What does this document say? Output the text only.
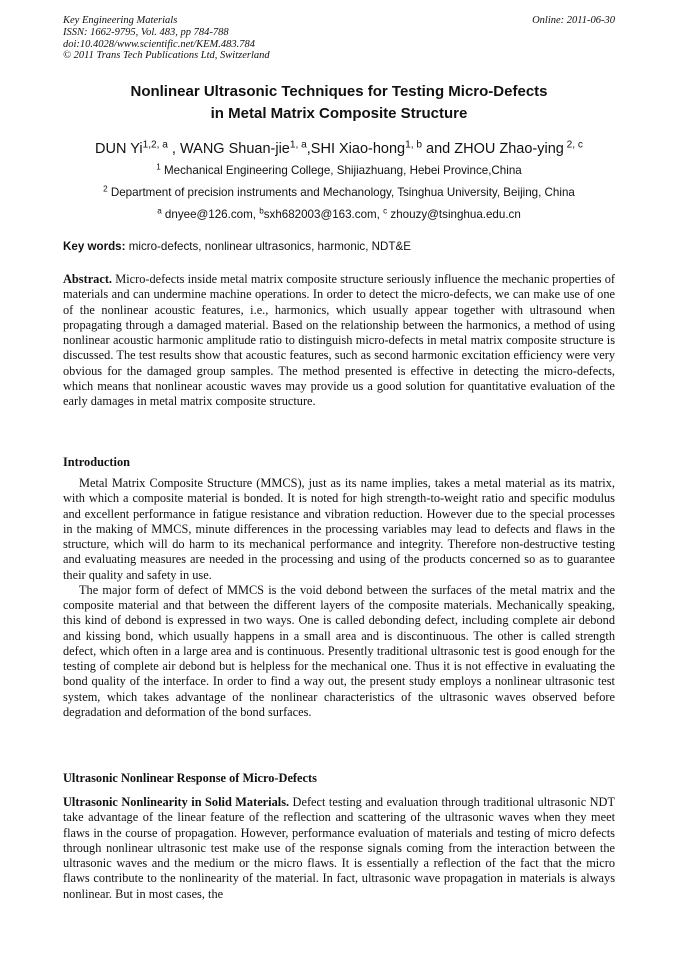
Key Engineering Materials
ISSN: 1662-9795, Vol. 483, pp 784-788
doi:10.4028/www.scientific.net/KEM.483.784
© 2011 Trans Tech Publications Ltd, Switzerland
Online: 2011-06-30
Nonlinear Ultrasonic Techniques for Testing Micro-Defects
in Metal Matrix Composite Structure
DUN Yi$^{1,2, a}$ , WANG Shuan-jie$^{1, a}$,SHI Xiao-hong$^{1, b}$ and ZHOU Zhao-ying $^{2, c}$
$^1$ Mechanical Engineering College, Shijiazhuang, Hebei Province,China
$^2$ Department of precision instruments and Mechanology, Tsinghua University, Beijing, China
$^a$ dnyee@126.com, $^b$sxh682003@163.com, $^c$ zhouzy@tsinghua.edu.cn
Key words: micro-defects, nonlinear ultrasonics, harmonic, NDT&E

Abstract. Micro-defects inside metal matrix composite structure seriously influence the mechanic properties of materials and can undermine machine operations. In order to detect the micro-defects, we can make use of one of the nonlinear acoustic features, i.e., harmonics, which usually appear together with ultrasound when propagating through a damaged material. Based on the relationship between the harmonics, a method of using nonlinear acoustic harmonic amplitude ratio to distinguish micro-defects in metal matrix composite structure is discussed. The test results show that acoustic features, such as second harmonic excitation efficiency were very obvious for the damaged group samples. The method presented is effective in detecting the micro-defects, which means that nonlinear acoustic waves may provide us a good solution for quantitative evaluation of the early damages in metal matrix composite structure.

Introduction

Metal Matrix Composite Structure (MMCS), just as its name implies, takes a metal material as its matrix, with which a composite material is bonded. It is noted for high strength-to-weight ratio and specific modulus and excellent performance in fatigue resistance and vibration reduction. However due to the special processes in the making of MMCS, minute differences in the processing variables may lead to defects and flaws in the structure, which will do harm to its mechanical performance and integrity. Therefore non-destructive testing and evaluating measures are needed in the processing and using of the products concerned so as to guarantee their quality and safety in use.

The major form of defect of MMCS is the void debond between the surfaces of the metal matrix and the composite material and that between the different layers of the composite materials. Mechanically speaking, this kind of debond is expressed in two ways. One is called debonding defect, including complete air debond and kissing bond, which usually happens in a small area and is discontinuous. The other is called strength defect, which often in a large area and is continuous. Presently traditional ultrasonic test is good enough for the testing of complete air debond but is helpless for the mechanical one. Thus it is not effective in evaluating the bond quality of the interface. In order to find a way out, the present study employs a nonlinear ultrasonic test system, which takes advantage of the nonlinear characteristics of the ultrasonic waves observed before degradation and deformation of the bond surfaces.

Ultrasonic Nonlinear Response of Micro-Defects

Ultrasonic Nonlinearity in Solid Materials. Defect testing and evaluation through traditional ultrasonic NDT take advantage of the linear feature of the reflection and scattering of the ultrasonic waves when they meet flaws in the course of propagation. However, performance evaluation of materials and testing of micro defects through nonlinear ultrasonic test make use of the response signals coming from the interaction between the ultrasonic waves and the medium or the micro flaws. It is essentially a reflection of the fact that the micro flaws contribute to the nonlinearity of the material. In fact, ultrasonic wave propagation in materials is always nonlinear. But in most cases, the
